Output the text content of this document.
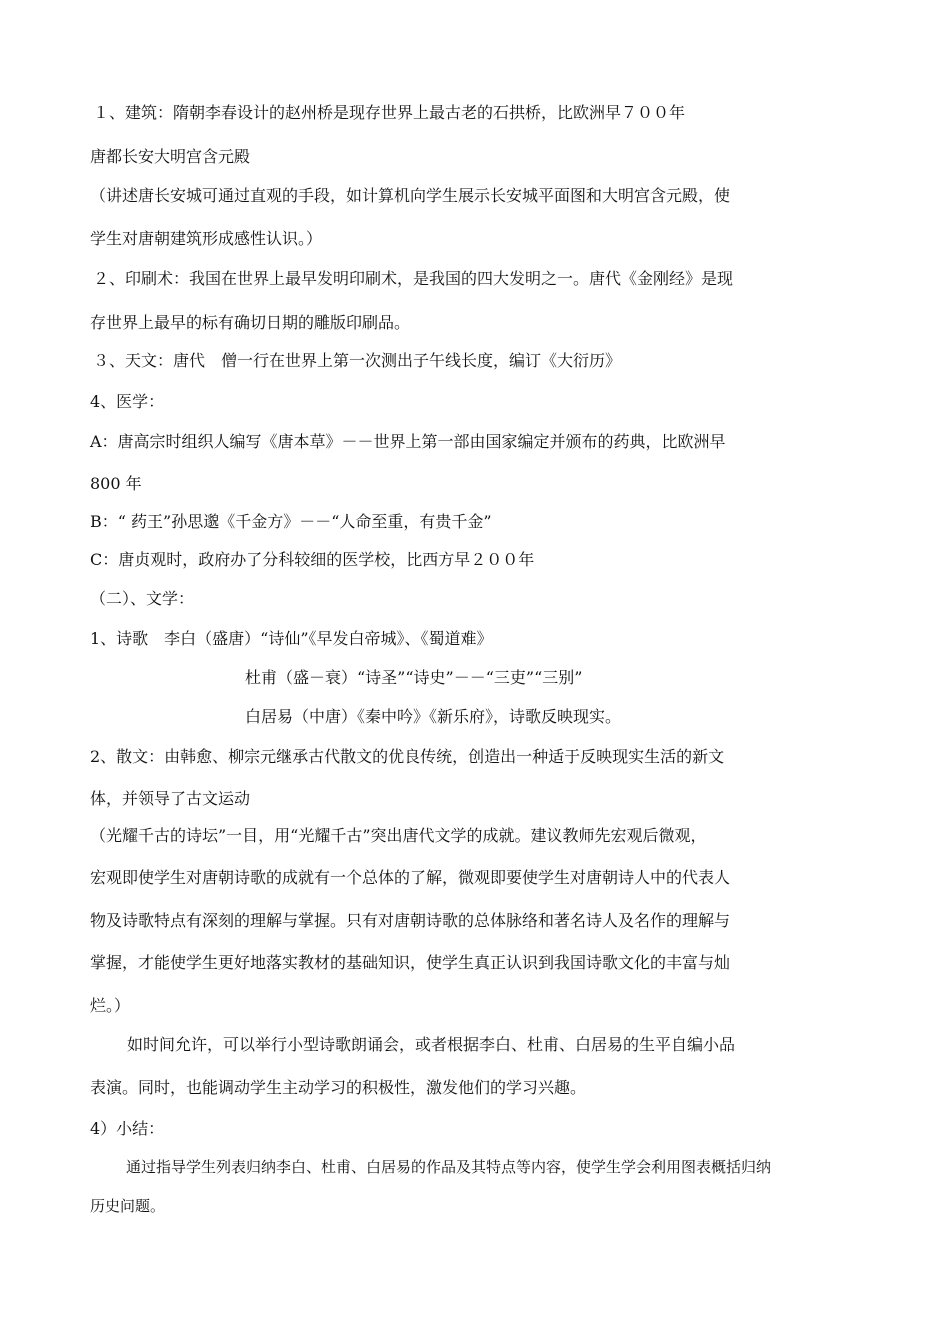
１、建筑：隋朝李春设计的赵州桥是现存世界上最古老的石拱桥，比欧洲早７００年

唐都长安大明宫含元殿

（讲述唐长安城可通过直观的手段，如计算机向学生展示长安城平面图和大明宫含元殿，使

学生对唐朝建筑形成感性认识。）

２、印刷术：我国在世界上最早发明印刷术，是我国的四大发明之一。唐代《金刚经》是现

存世界上最早的标有确切日期的雕版印刷品。

３、天文：唐代　僧一行在世界上第一次测出子午线长度，编订《大衍历》

4、医学：

A：唐高宗时组织人编写《唐本草》－－世界上第一部由国家编定并颁布的药典，比欧洲早

800 年

B：“ 药王”孙思邈《千金方》－－“人命至重，有贵千金”

C：唐贞观时，政府办了分科较细的医学校，比西方早２００年

（二）、文学：

1、诗歌　李白（盛唐）“诗仙”《早发白帝城》、《蜀道难》

杜甫（盛－衰）“诗圣”“诗史”－－“三吏”“三别”

白居易（中唐）《秦中吟》《新乐府》，诗歌反映现实。

2、散文：由韩愈、柳宗元继承古代散文的优良传统，创造出一种适于反映现实生活的新文

体，并领导了古文运动

（光耀千古的诗坛”一目，用“光耀千古”突出唐代文学的成就。建议教师先宏观后微观，

宏观即使学生对唐朝诗歌的成就有一个总体的了解，微观即要使学生对唐朝诗人中的代表人

物及诗歌特点有深刻的理解与掌握。只有对唐朝诗歌的总体脉络和著名诗人及名作的理解与

掌握，才能使学生更好地落实教材的基础知识，使学生真正认识到我国诗歌文化的丰富与灿

烂。）

如时间允许，可以举行小型诗歌朗诵会，或者根据李白、杜甫、白居易的生平自编小品

表演。同时，也能调动学生主动学习的积极性，激发他们的学习兴趣。

4）小结：

通过指导学生列表归纳李白、杜甫、白居易的作品及其特点等内容，使学生学会利用图表概括归纳

历史问题。
